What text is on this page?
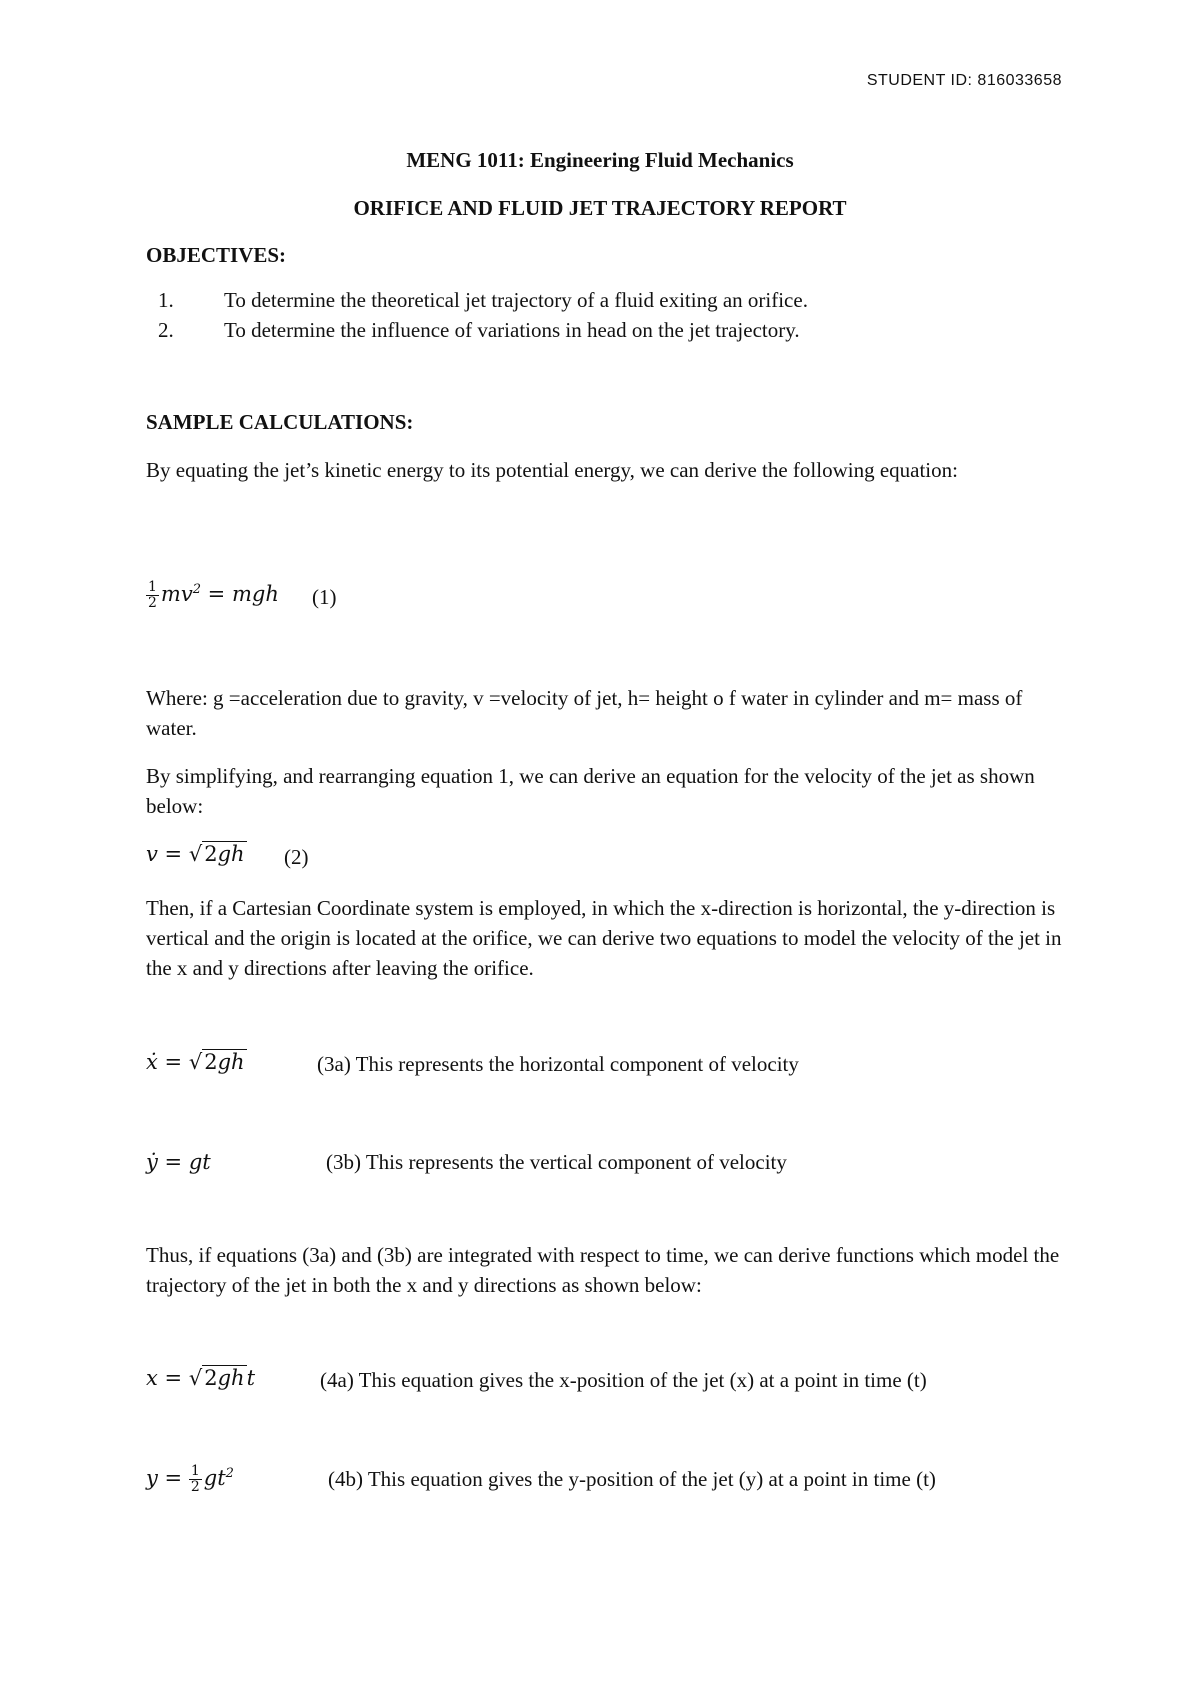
STUDENT ID: 816033658
MENG 1011: Engineering Fluid Mechanics
ORIFICE AND FLUID JET TRAJECTORY REPORT
OBJECTIVES:
1.	To determine the theoretical jet trajectory of a fluid exiting an orifice.
2.	To determine the influence of variations in head on the jet trajectory.
SAMPLE CALCULATIONS:
By equating the jet’s kinetic energy to its potential energy, we can derive the following equation:
$\frac{1}{2} mv^2$ = mgh (1)
Where: g =acceleration due to gravity, v =velocity of jet, h= height o f water in cylinder and m= mass of water.
By simplifying, and rearranging equation 1, we can derive an equation for the velocity of the jet as shown below:
v = √2gh (2)
Then, if a Cartesian Coordinate system is employed, in which the x-direction is horizontal, the y-direction is vertical and the origin is located at the orifice, we can derive two equations to model the velocity of the jet in the x and y directions after leaving the orifice.
ẋ = √2gh	(3a) This represents the horizontal component of velocity
ẏ = gt	(3b) This represents the vertical component of velocity
Thus, if equations (3a) and (3b) are integrated with respect to time, we can derive functions which model the trajectory of the jet in both the x and y directions as shown below:
x = √2ght	(4a) This equation gives the x-position of the jet (x) at a point in time (t)
$y = \frac{1}{2} gt^2$	(4b) This equation gives the y-position of the jet (y) at a point in time (t)
